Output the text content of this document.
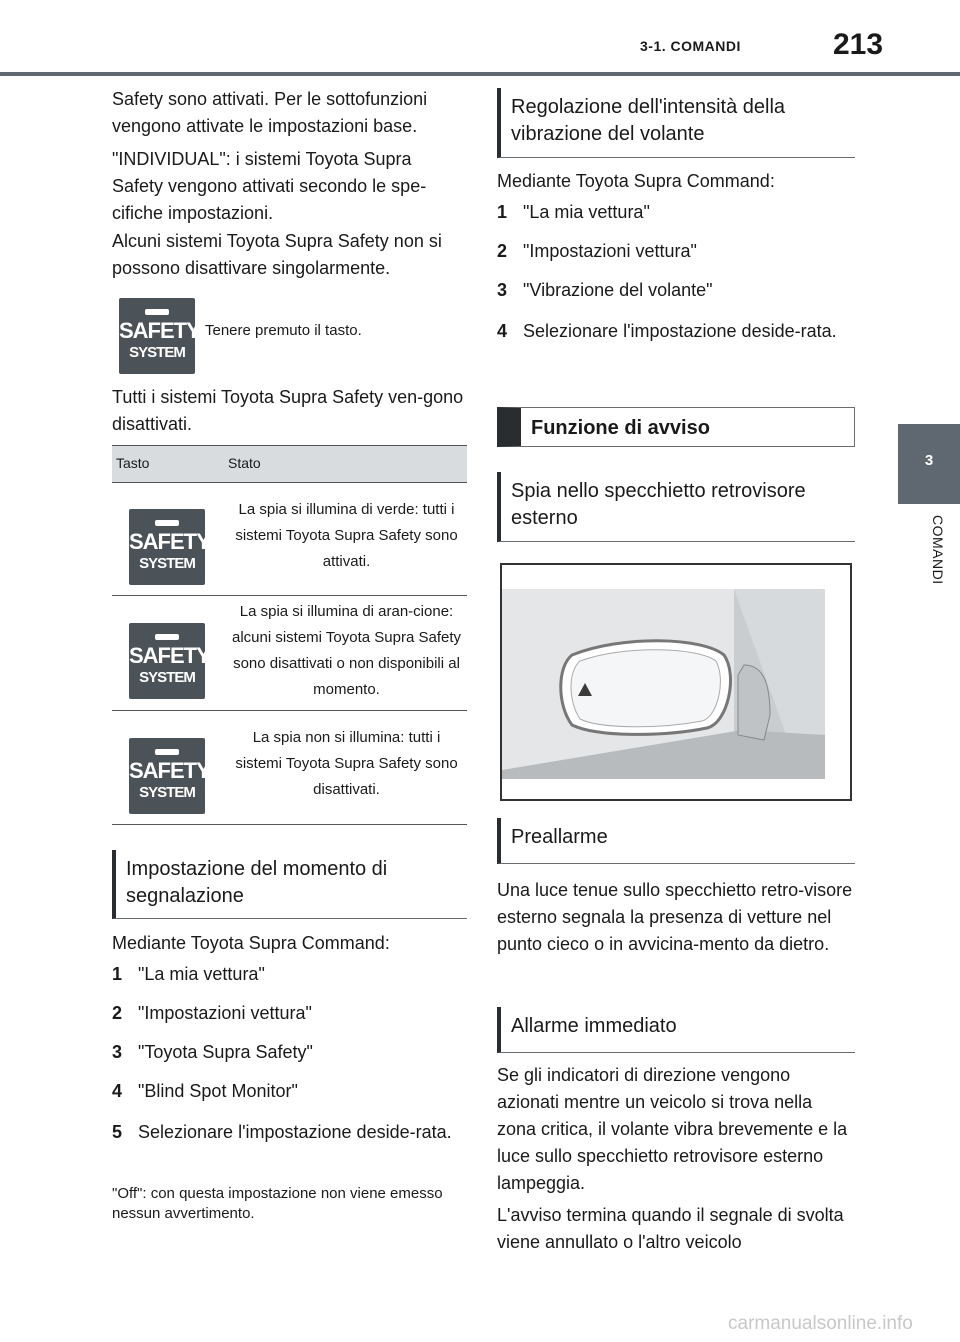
3-1. COMANDI	213
3
COMANDI
Safety sono attivati. Per le sottofunzioni vengono attivate le impostazioni base.
"INDIVIDUAL": i sistemi Toyota Supra Safety vengono attivati secondo le spe-cifiche impostazioni.
Alcuni sistemi Toyota Supra Safety non si possono disattivare singolarmente.
SAFETY
SYSTEM
Tenere premuto il tasto.
Tutti i sistemi Toyota Supra Safety ven-gono disattivati.
Tasto	Stato
SAFETY
SYSTEM
La spia si illumina di verde: tutti i sistemi Toyota Supra Safety sono attivati.
SAFETY
SYSTEM
La spia si illumina di aran-cione: alcuni sistemi Toyota Supra Safety sono disattivati o non disponibili al momento.
SAFETY
SYSTEM
La spia non si illumina: tutti i sistemi Toyota Supra Safety sono disattivati.
Impostazione del momento di segnalazione
Mediante Toyota Supra Command:
1 "La mia vettura"
2 "Impostazioni vettura"
3 "Toyota Supra Safety"
4 "Blind Spot Monitor"
5 Selezionare l'impostazione deside-rata.
"Off": con questa impostazione non viene emesso nessun avvertimento.
Regolazione dell'intensità della vibrazione del volante
Mediante Toyota Supra Command:
1 "La mia vettura"
2 "Impostazioni vettura"
3 "Vibrazione del volante"
4 Selezionare l'impostazione deside-rata.
Funzione di avviso
Spia nello specchietto retrovisore esterno
Preallarme
Una luce tenue sullo specchietto retro-visore esterno segnala la presenza di vetture nel punto cieco o in avvicina-mento da dietro.
Allarme immediato
Se gli indicatori di direzione vengono azionati mentre un veicolo si trova nella zona critica, il volante vibra brevemente e la luce sullo specchietto retrovisore esterno lampeggia.
L'avviso termina quando il segnale di svolta viene annullato o l'altro veicolo
carmanualsonline.info
